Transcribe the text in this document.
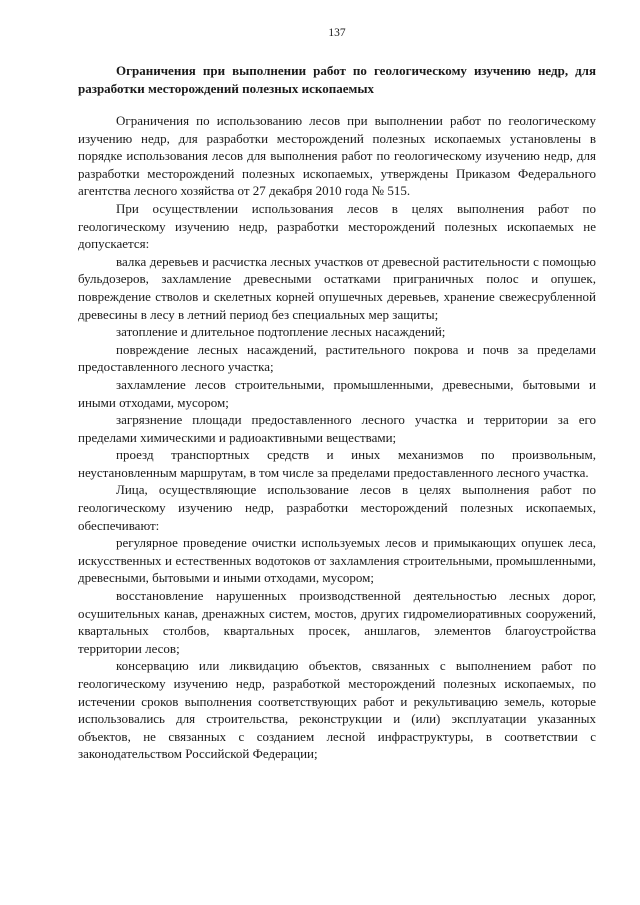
137
Ограничения при выполнении работ по геологическому изучению недр, для разработки месторождений полезных ископаемых

Ограничения по использованию лесов при выполнении работ по геологическому изучению недр, для разработки месторождений полезных ископаемых установлены в порядке использования лесов для выполнения работ по геологическому изучению недр, для разработки месторождений полезных ископаемых, утверждены Приказом Федерального агентства лесного хозяйства от 27 декабря 2010 года № 515.

При осуществлении использования лесов в целях выполнения работ по геологическому изучению недр, разработки месторождений полезных ископаемых не допускается:

валка деревьев и расчистка лесных участков от древесной растительности с помощью бульдозеров, захламление древесными остатками приграничных полос и опушек, повреждение стволов и скелетных корней опушечных деревьев, хранение свежесрубленной древесины в лесу в летний период без специальных мер защиты;

затопление и длительное подтопление лесных насаждений;

повреждение лесных насаждений, растительного покрова и почв за пределами предоставленного лесного участка;

захламление лесов строительными, промышленными, древесными, бытовыми и иными отходами, мусором;

загрязнение площади предоставленного лесного участка и территории за его пределами химическими и радиоактивными веществами;

проезд транспортных средств и иных механизмов по произвольным, неустановленным маршрутам, в том числе за пределами предоставленного лесного участка.

Лица, осуществляющие использование лесов в целях выполнения работ по геологическому изучению недр, разработки месторождений полезных ископаемых, обеспечивают:

регулярное проведение очистки используемых лесов и примыкающих опушек леса, искусственных и естественных водотоков от захламления строительными, промышленными, древесными, бытовыми и иными отходами, мусором;

восстановление нарушенных производственной деятельностью лесных дорог, осушительных канав, дренажных систем, мостов, других гидромелиоративных сооружений, квартальных столбов, квартальных просек, аншлагов, элементов благоустройства территории лесов;

консервацию или ликвидацию объектов, связанных с выполнением работ по геологическому изучению недр, разработкой месторождений полезных ископаемых, по истечении сроков выполнения соответствующих работ и рекультивацию земель, которые использовались для строительства, реконструкции и (или) эксплуатации указанных объектов, не связанных с созданием лесной инфраструктуры, в соответствии с законодательством Российской Федерации;
